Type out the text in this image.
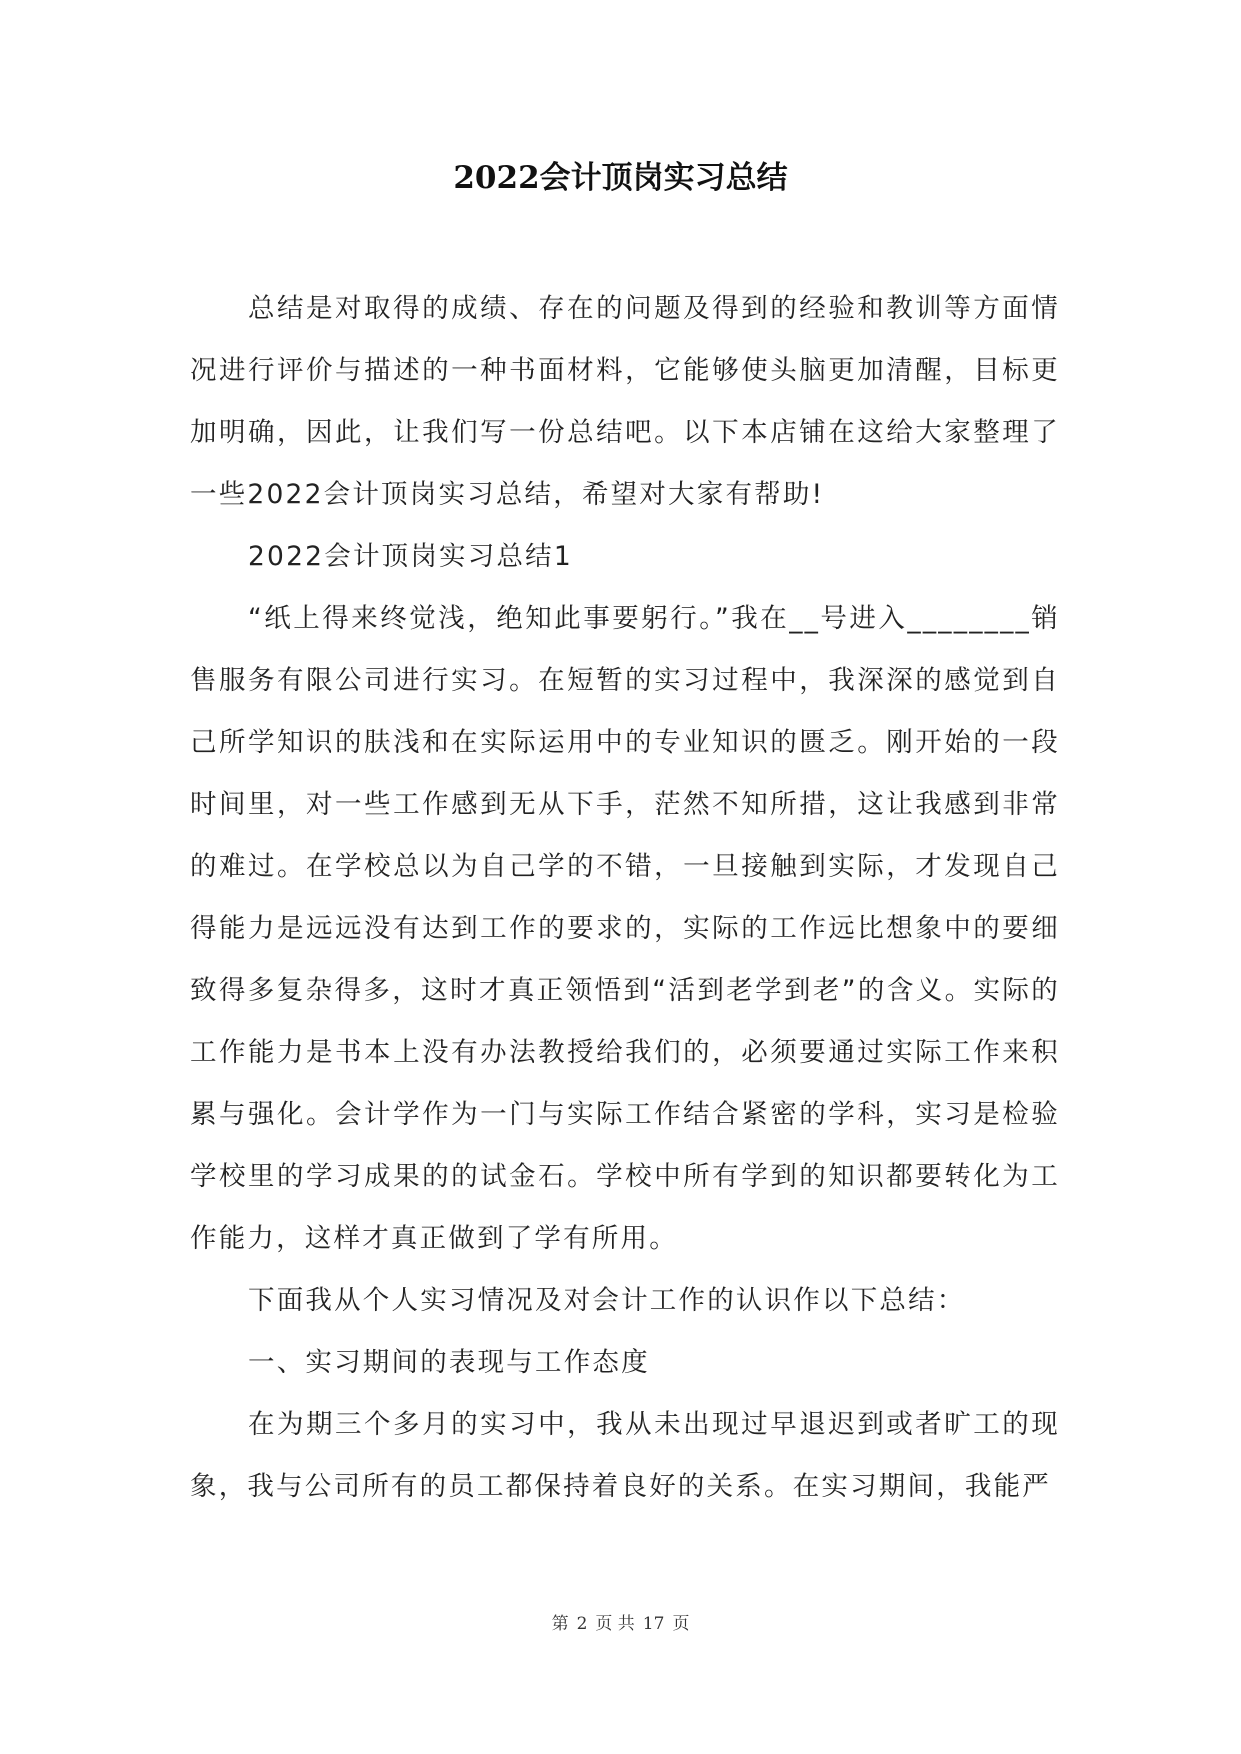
2022会计顶岗实习总结

总结是对取得的成绩、存在的问题及得到的经验和教训等方面情况进行评价与描述的一种书面材料，它能够使头脑更加清醒，目标更加明确，因此，让我们写一份总结吧。以下本店铺在这给大家整理了一些2022会计顶岗实习总结，希望对大家有帮助!

2022会计顶岗实习总结1

“纸上得来终觉浅，绝知此事要躬行。”我在__号进入________销售服务有限公司进行实习。在短暂的实习过程中，我深深的感觉到自己所学知识的肤浅和在实际运用中的专业知识的匮乏。刚开始的一段时间里，对一些工作感到无从下手，茫然不知所措，这让我感到非常的难过。在学校总以为自己学的不错，一旦接触到实际，才发现自己得能力是远远没有达到工作的要求的，实际的工作远比想象中的要细致得多复杂得多，这时才真正领悟到“活到老学到老”的含义。实际的工作能力是书本上没有办法教授给我们的，必须要通过实际工作来积累与强化。会计学作为一门与实际工作结合紧密的学科，实习是检验学校里的学习成果的的试金石。学校中所有学到的知识都要转化为工作能力，这样才真正做到了学有所用。

下面我从个人实习情况及对会计工作的认识作以下总结：

一、实习期间的表现与工作态度

在为期三个多月的实习中，我从未出现过早退迟到或者旷工的现象，我与公司所有的员工都保持着良好的关系。在实习期间，我能严

第 2 页 共 17 页
